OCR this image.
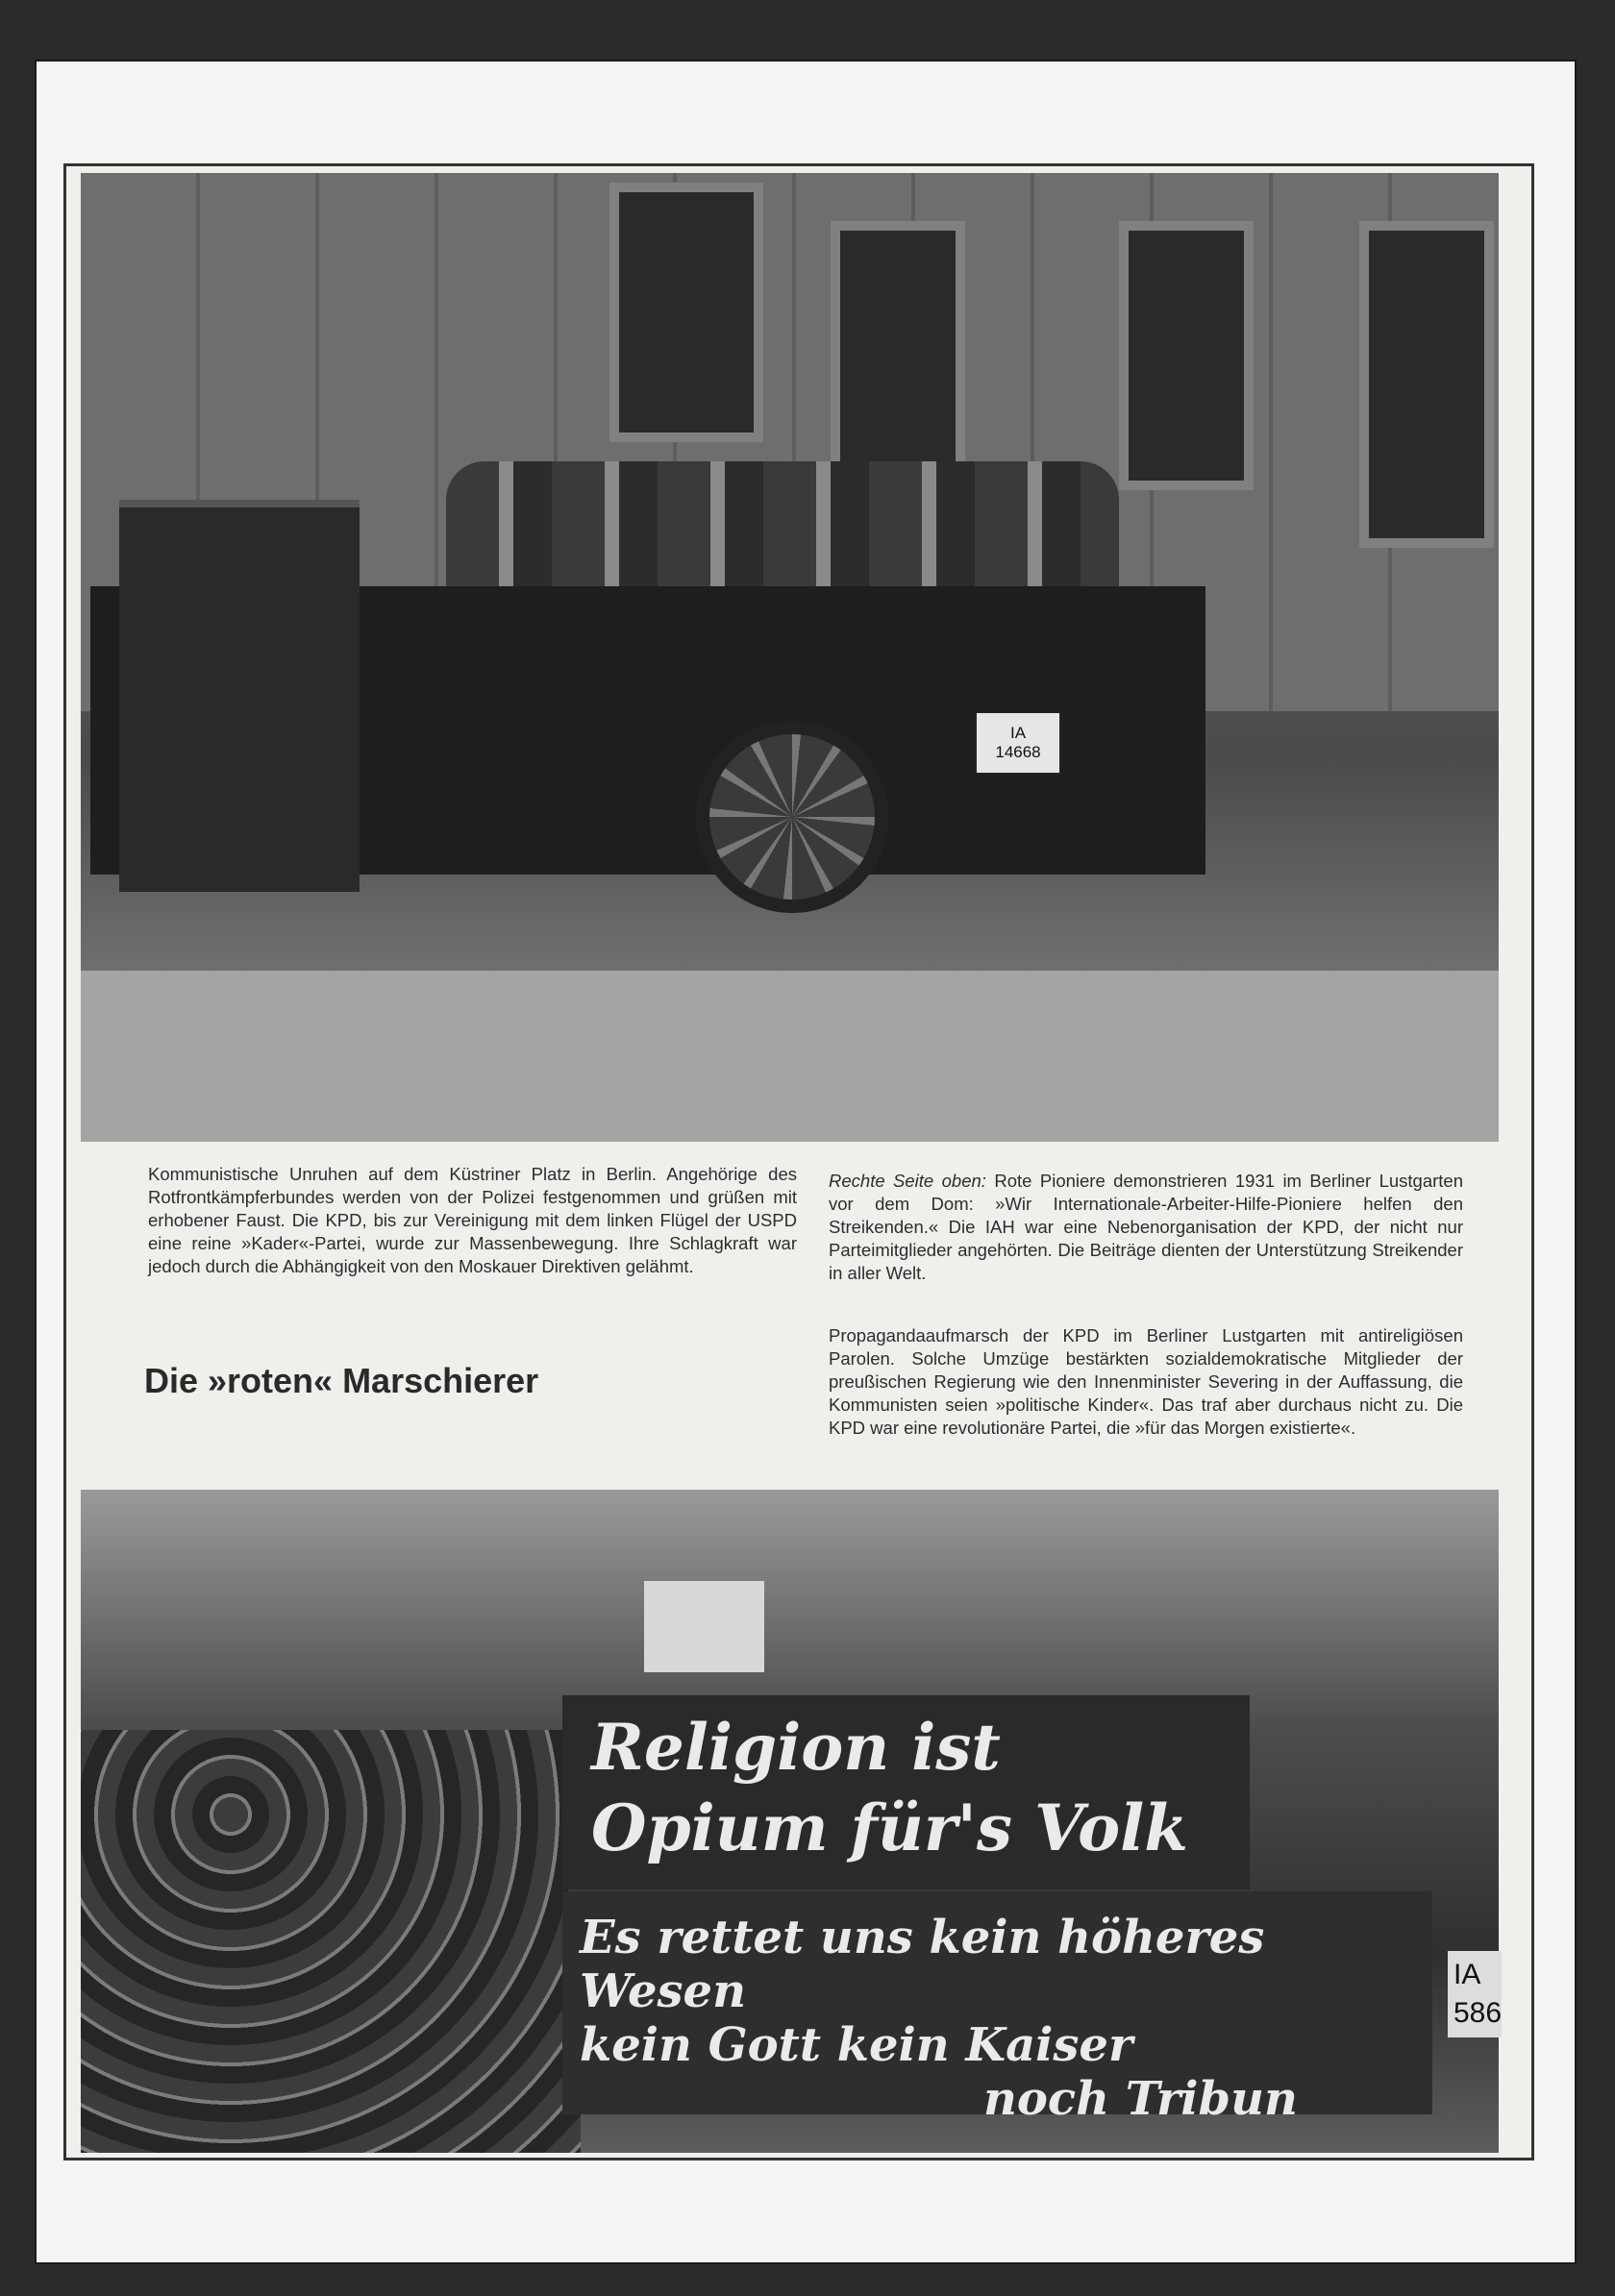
IA
14668
Kommunistische Unruhen auf dem Küstriner Platz in Berlin. Angehörige des Rotfrontkämpferbundes werden von der Polizei festgenommen und grüßen mit erhobener Faust. Die KPD, bis zur Vereinigung mit dem linken Flügel der USPD eine reine »Kader«-Partei, wurde zur Massenbewegung. Ihre Schlagkraft war jedoch durch die Abhängigkeit von den Moskauer Direktiven gelähmt.
Rechte Seite oben: Rote Pioniere demonstrieren 1931 im Berliner Lustgarten vor dem Dom: »Wir Internationale-Arbeiter-Hilfe-Pioniere helfen den Streikenden.« Die IAH war eine Nebenorganisation der KPD, der nicht nur Parteimitglieder angehörten. Die Beiträge dienten der Unterstützung Streikender in aller Welt.
Propagandaaufmarsch der KPD im Berliner Lustgarten mit antireligiösen Parolen. Solche Umzüge bestärkten sozialdemokratische Mitglieder der preußischen Regierung wie den Innenminister Severing in der Auffassung, die Kommunisten seien »politische Kinder«. Das traf aber durchaus nicht zu. Die KPD war eine revolutionäre Partei, die »für das Morgen existierte«.
Die »roten« Marschierer
Religion ist
Opium für's Volk
Es rettet uns kein höheres Wesen
kein Gott kein Kaiser
noch Tribun
IA
586
